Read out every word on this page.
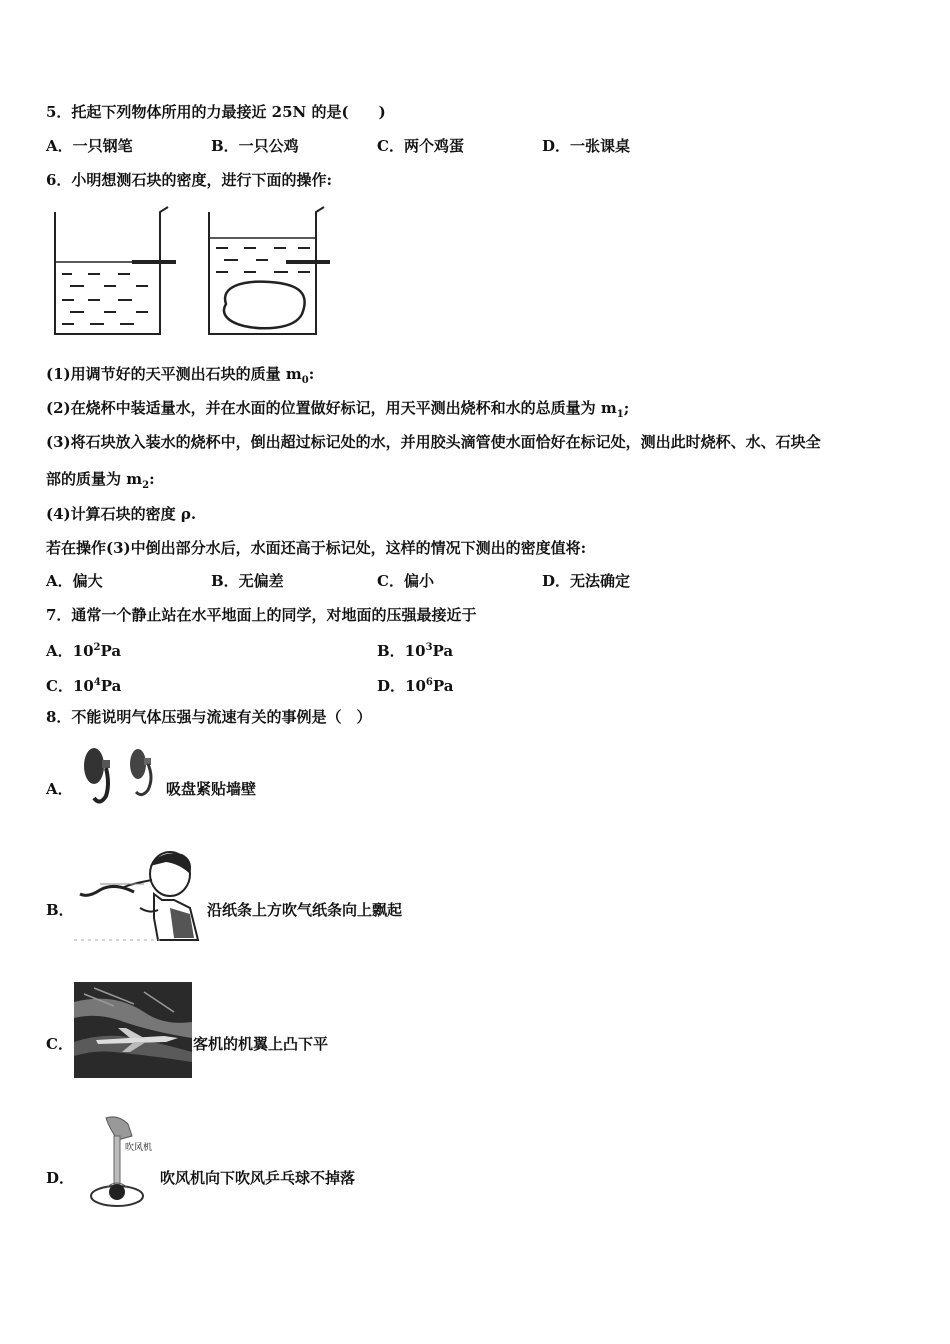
5．托起下列物体所用的力最接近 25N 的是(　　)
A．一只钢笔	B．一只公鸡	C．两个鸡蛋	D．一张课桌
6．小明想测石块的密度，进行下面的操作:
(1)用调节好的天平测出石块的质量 $m_0$:
(2)在烧杯中装适量水，并在水面的位置做好标记，用天平测出烧杯和水的总质量为 $m_1$;
(3)将石块放入装水的烧杯中，倒出超过标记处的水，并用胶头滴管使水面恰好在标记处，测出此时烧杯、水、石块全
部的质量为 $m_2$:
(4)计算石块的密度 ρ.
若在操作(3)中倒出部分水后，水面还高于标记处，这样的情况下测出的密度值将:
A．偏大	B．无偏差	C．偏小	D．无法确定
7．通常一个静止站在水平地面上的同学，对地面的压强最接近于
A．$10^2Pa$	B．$10^3Pa$
C．$10^4Pa$	D．$10^6Pa$
8．不能说明气体压强与流速有关的事例是（　）
A．	吸盘紧贴墙壁
B．	沿纸条上方吹气纸条向上飘起
C．	客机的机翼上凸下平
D．
吹风机
吹风机向下吹风乒乓球不掉落
